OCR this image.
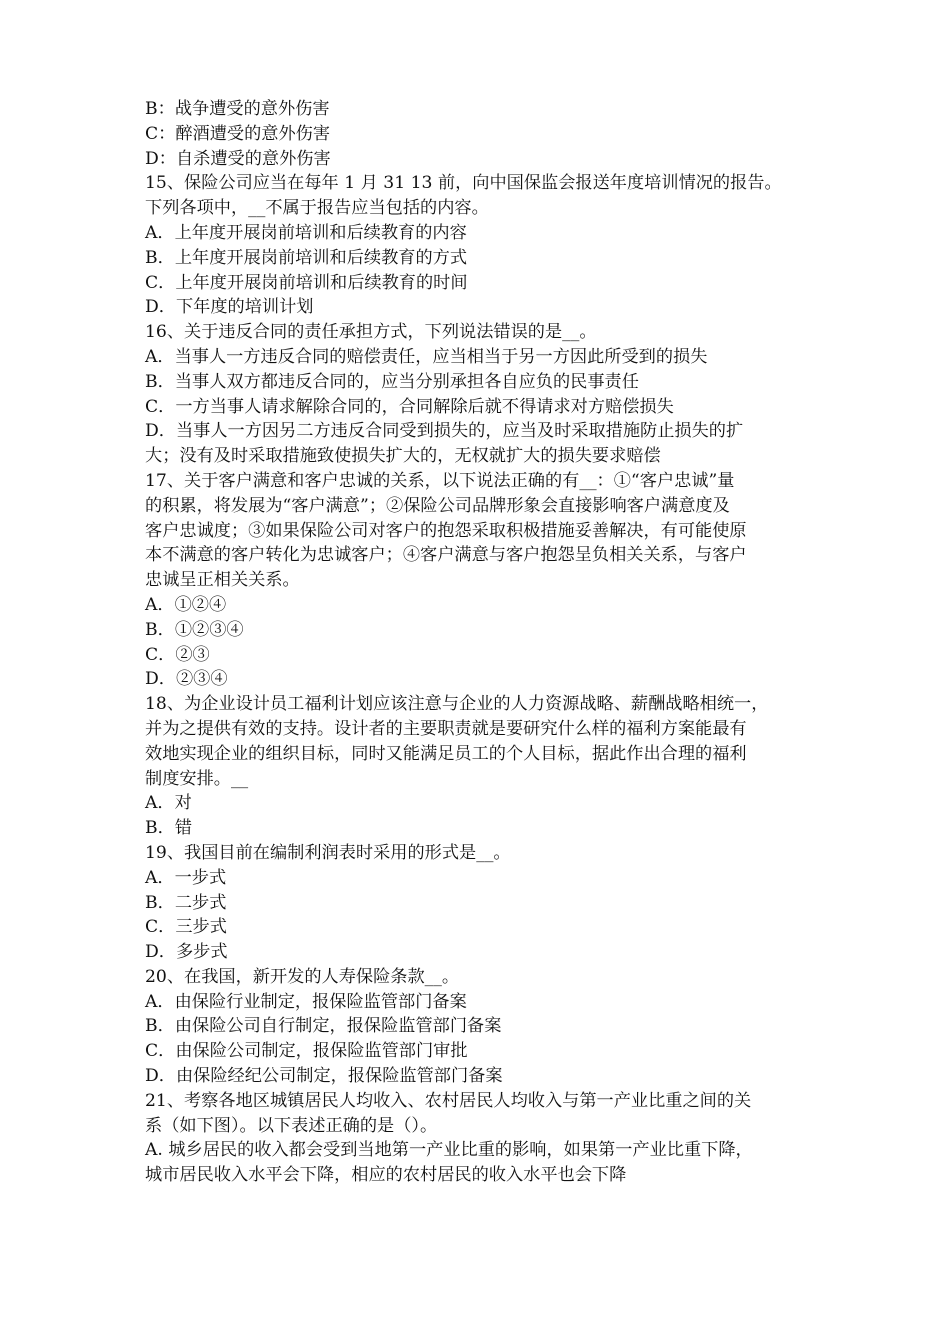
B：战争遭受的意外伤害
C：醉酒遭受的意外伤害
D：自杀遭受的意外伤害
15、保险公司应当在每年 1 月 31 13 前，向中国保监会报送年度培训情况的报告。
下列各项中，__不属于报告应当包括的内容。
A．上年度开展岗前培训和后续教育的内容
B．上年度开展岗前培训和后续教育的方式
C．上年度开展岗前培训和后续教育的时间
D．下年度的培训计划
16、关于违反合同的责任承担方式，下列说法错误的是__。
A．当事人一方违反合同的赔偿责任，应当相当于另一方因此所受到的损失
B．当事人双方都违反合同的，应当分别承担各自应负的民事责任
C．一方当事人请求解除合同的，合同解除后就不得请求对方赔偿损失
D．当事人一方因另二方违反合同受到损失的，应当及时采取措施防止损失的扩
大；没有及时采取措施致使损失扩大的，无权就扩大的损失要求赔偿
17、关于客户满意和客户忠诚的关系，以下说法正确的有__：①“客户忠诚”量
的积累，将发展为“客户满意”；②保险公司品牌形象会直接影响客户满意度及
客户忠诚度；③如果保险公司对客户的抱怨采取积极措施妥善解决，有可能使原
本不满意的客户转化为忠诚客户；④客户满意与客户抱怨呈负相关关系，与客户
忠诚呈正相关关系。
A．①②④
B．①②③④
C．②③
D．②③④
18、为企业设计员工福利计划应该注意与企业的人力资源战略、薪酬战略相统一，
并为之提供有效的支持。设计者的主要职责就是要研究什么样的福利方案能最有
效地实现企业的组织目标，同时又能满足员工的个人目标，据此作出合理的福利
制度安排。__
A．对
B．错
19、我国目前在编制利润表时采用的形式是__。
A．一步式
B．二步式
C．三步式
D．多步式
20、在我国，新开发的人寿保险条款__。
A．由保险行业制定，报保险监管部门备案
B．由保险公司自行制定，报保险监管部门备案
C．由保险公司制定，报保险监管部门审批
D．由保险经纪公司制定，报保险监管部门备案
21、考察各地区城镇居民人均收入、农村居民人均收入与第一产业比重之间的关
系（如下图）。以下表述正确的是（）。
A. 城乡居民的收入都会受到当地第一产业比重的影响，如果第一产业比重下降，
城市居民收入水平会下降，相应的农村居民的收入水平也会下降
